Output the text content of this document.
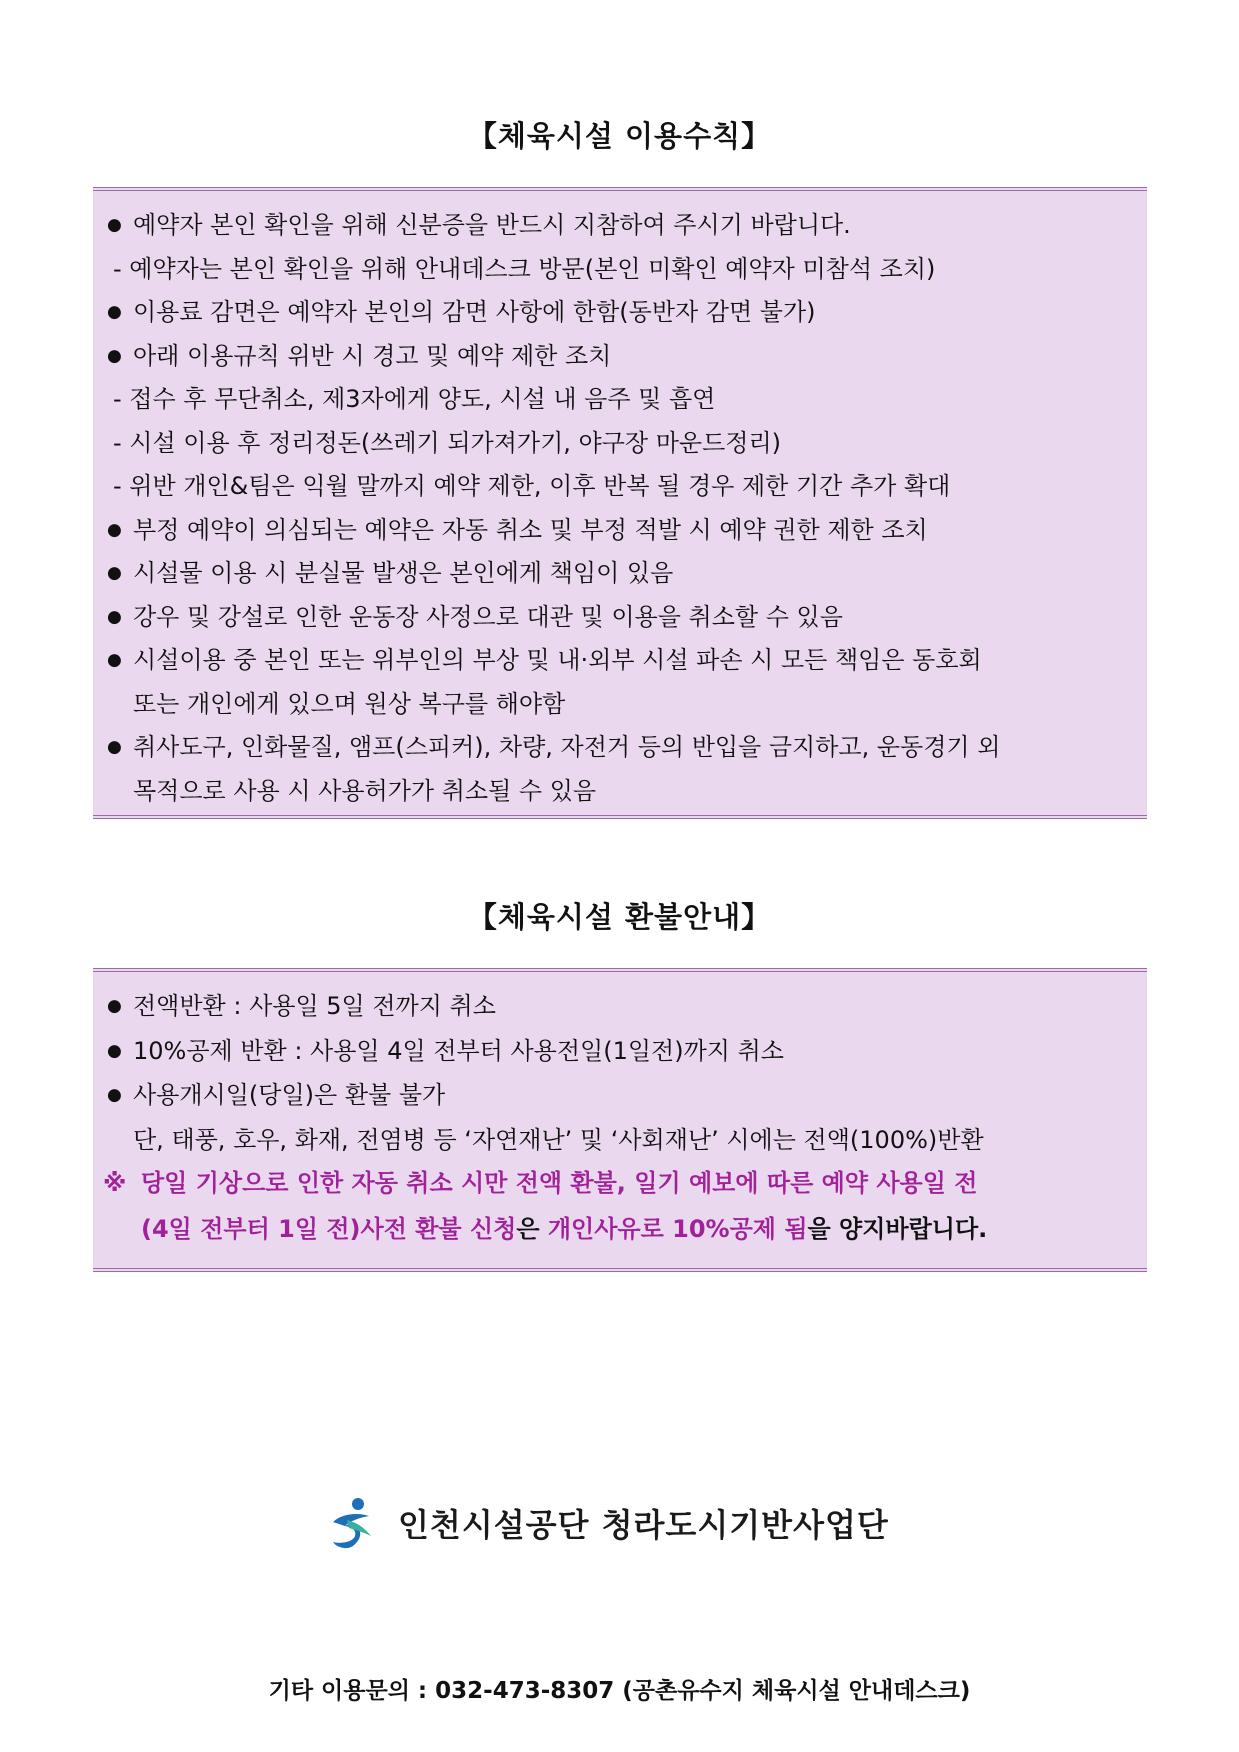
【체육시설 이용수칙】
● 예약자 본인 확인을 위해 신분증을 반드시 지참하여 주시기 바랍니다.
- 예약자는 본인 확인을 위해 안내데스크 방문(본인 미확인 예약자 미참석 조치)
● 이용료 감면은 예약자 본인의 감면 사항에 한함(동반자 감면 불가)
● 아래 이용규칙 위반 시 경고 및 예약 제한 조치
- 접수 후 무단취소, 제3자에게 양도, 시설 내 음주 및 흡연
- 시설 이용 후 정리정돈(쓰레기 되가져가기, 야구장 마운드정리)
- 위반 개인&팀은 익월 말까지 예약 제한, 이후 반복 될 경우 제한 기간 추가 확대
● 부정 예약이 의심되는 예약은 자동 취소 및 부정 적발 시 예약 권한 제한 조치
● 시설물 이용 시 분실물 발생은 본인에게 책임이 있음
● 강우 및 강설로 인한 운동장 사정으로 대관 및 이용을 취소할 수 있음
● 시설이용 중 본인 또는 위부인의 부상 및 내·외부 시설 파손 시 모든 책임은 동호회
또는 개인에게 있으며 원상 복구를 해야함
● 취사도구, 인화물질, 앰프(스피커), 차량, 자전거 등의 반입을 금지하고, 운동경기 외
목적으로 사용 시 사용허가가 취소될 수 있음
【체육시설 환불안내】
● 전액반환 : 사용일 5일 전까지 취소
● 10%공제 반환 : 사용일 4일 전부터 사용전일(1일전)까지 취소
● 사용개시일(당일)은 환불 불가
단, 태풍, 호우, 화재, 전염병 등 ‘자연재난’ 및 ‘사회재난’ 시에는 전액(100%)반환
※ 당일 기상으로 인한 자동 취소 시만 전액 환불, 일기 예보에 따른 예약 사용일 전
(4일 전부터 1일 전)사전 환불 신청은 개인사유로 10%공제 됨을 양지바랍니다.
인천시설공단 청라도시기반사업단
기타 이용문의 : 032-473-8307 (공촌유수지 체육시설 안내데스크)
